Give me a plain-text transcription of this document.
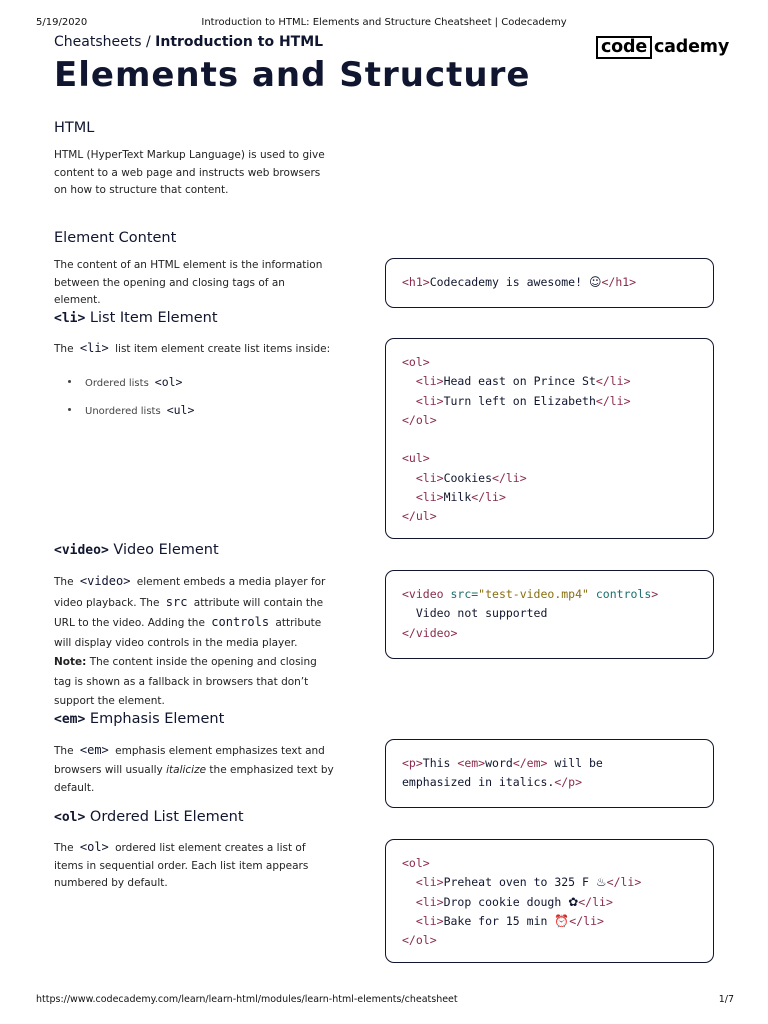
5/19/2020	Introduction to HTML: Elements and Structure Cheatsheet | Codecademy
https://www.codecademy.com/learn/learn-html/modules/learn-html-elements/cheatsheet	1/7
Cheatsheets / Introduction to HTML	code cademy
Elements and Structure
HTML

HTML (HyperText Markup Language) is used to give content to a web page and instructs web browsers on how to structure that content.

Element Content

The content of an HTML element is the information between the opening and closing tags of an element.

<h1>Codecademy is awesome! ☺</h1>
<li> List Item Element

The <li> list item element create list items inside:

Ordered lists <ol>
Unordered lists <ul>
<ol>
<li>Head east on Prince St</li>
<li>Turn left on Elizabeth</li>
</ol>

<ul>
<li>Cookies</li>
<li>Milk</li>
</ul>
<video> Video Element

The <video> element embeds a media player for video playback. The src attribute will contain the URL to the video. Adding the controls attribute will display video controls in the media player.
Note: The content inside the opening and closing tag is shown as a fallback in browsers that don’t support the element.

<video src="test-video.mp4" controls>
Video not supported
</video>
<em> Emphasis Element

The <em> emphasis element emphasizes text and browsers will usually italicize the emphasized text by default.

<p>This <em>word</em> will be
emphasized in italics.</p>
<ol> Ordered List Element

The <ol> ordered list element creates a list of items in sequential order. Each list item appears numbered by default.

<ol>
<li>Preheat oven to 325 F ♨</li>
<li>Drop cookie dough ✿</li>
<li>Bake for 15 min ⏰</li>
</ol>
